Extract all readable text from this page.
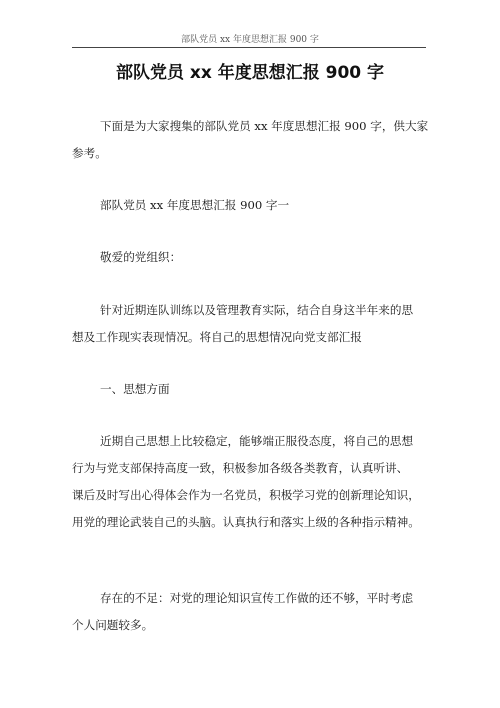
部队党员 xx 年度思想汇报 900 字
部队党员 xx 年度思想汇报 900 字
下面是为大家搜集的部队党员 xx 年度思想汇报 900 字，供大家
参考。
部队党员 xx 年度思想汇报 900 字一
敬爱的党组织：
针对近期连队训练以及管理教育实际，结合自身这半年来的思
想及工作现实表现情况。将自己的思想情况向党支部汇报
一、思想方面
近期自己思想上比较稳定，能够端正服役态度，将自己的思想
行为与党支部保持高度一致，积极参加各级各类教育，认真听讲、
课后及时写出心得体会作为一名党员，积极学习党的创新理论知识，
用党的理论武装自己的头脑。认真执行和落实上级的各种指示精神。
存在的不足：对党的理论知识宣传工作做的还不够，平时考虑
个人问题较多。
